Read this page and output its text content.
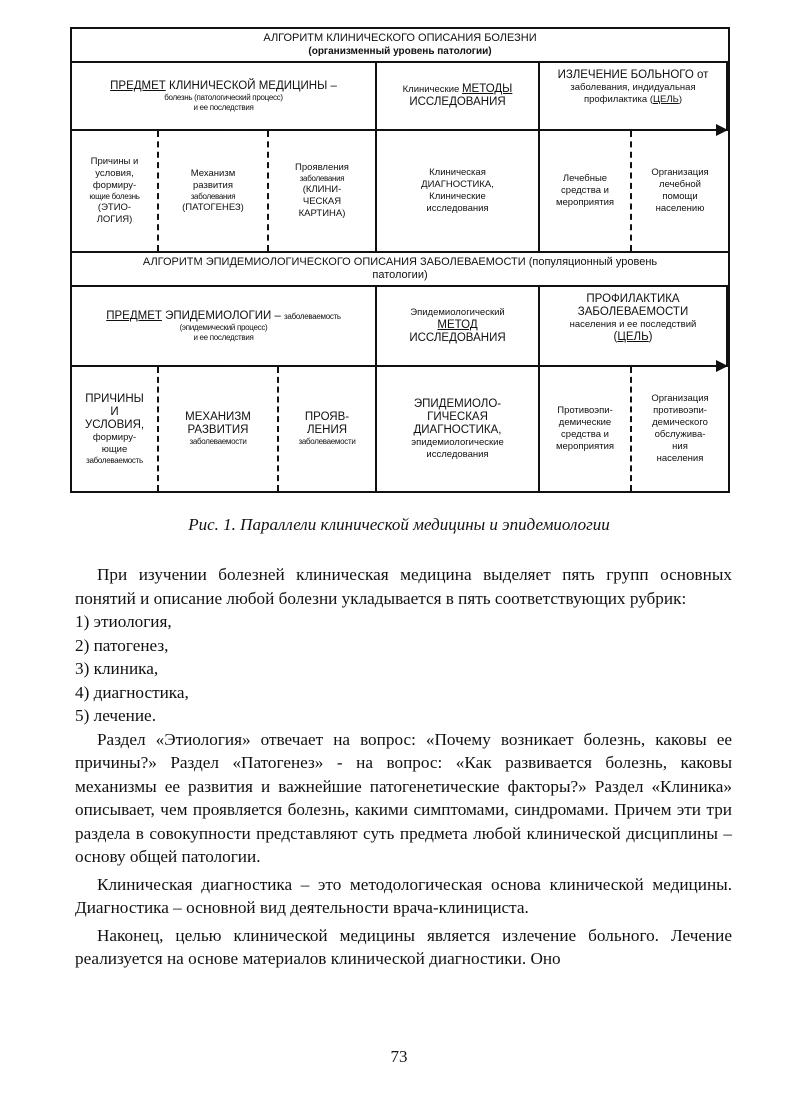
АЛГОРИТМ КЛИНИЧЕСКОГО ОПИСАНИЯ БОЛЕЗНИ
(организменный уровень патологии)
ПРЕДМЕТ КЛИНИЧЕСКОЙ МЕДИЦИНЫ –
болезнь (патологический процесс)
и ее последствия
Клинические МЕТОДЫ
ИССЛЕДОВАНИЯ
ИЗЛЕЧЕНИЕ БОЛЬНОГО от
заболевания, индидуальная
профилактика (ЦЕЛЬ)
Причины и
условия,
формиру-
ющие болезнь
(ЭТИО-
ЛОГИЯ)
Механизм
развития
заболевания
(ПАТОГЕНЕЗ)
Проявления
заболевания
(КЛИНИ-
ЧЕСКАЯ
КАРТИНА)
Клиническая
ДИАГНОСТИКА,
Клинические
исследования
Лечебные
средства и
мероприятия
Организация
лечебной
помощи
населению
АЛГОРИТМ ЭПИДЕМИОЛОГИЧЕСКОГО ОПИСАНИЯ ЗАБОЛЕВАЕМОСТИ (популяционный уровень
патологии)
ПРЕДМЕТ ЭПИДЕМИОЛОГИИ – заболеваемость
(эпидемический процесс)
и ее последствия
Эпидемиологический
МЕТОД
ИССЛЕДОВАНИЯ
ПРОФИЛАКТИКА
ЗАБОЛЕВАЕМОСТИ
населения и ее последствий
(ЦЕЛЬ)
ПРИЧИНЫ
И
УСЛОВИЯ,
формиру-
ющие
заболеваемость
МЕХАНИЗМ
РАЗВИТИЯ
заболеваемости
ПРОЯВ-
ЛЕНИЯ
заболеваемости
ЭПИДЕМИОЛО-
ГИЧЕСКАЯ
ДИАГНОСТИКА,
эпидемиологические
исследования
Противоэпи-
демические
средства и
мероприятия
Организация
противоэпи-
демического
обслужива-
ния
населения
Рис. 1. Параллели клинической медицины и эпидемиологии

При изучении болезней клиническая медицина выделяет пять групп основных понятий и описание любой болезни укладывается в пять соответствующих рубрик:

1) этиология,
2) патогенез,
3) клиника,
4) диагностика,
5) лечение.

Раздел «Этиология» отвечает на вопрос: «Почему возникает болезнь, каковы ее причины?» Раздел «Патогенез» - на вопрос: «Как развивается болезнь, каковы механизмы ее развития и важнейшие патогенетические факторы?» Раздел «Клиника» описывает, чем проявляется болезнь, какими симптомами, синдромами. Причем эти три раздела в совокупности представляют суть предмета любой клинической дисциплины – основу общей патологии.

Клиническая диагностика – это методологическая основа клинической медицины. Диагностика – основной вид деятельности врача-клинициста.

Наконец, целью клинической медицины является излечение больного. Лечение реализуется на основе материалов клинической диагностики. Оно

73
